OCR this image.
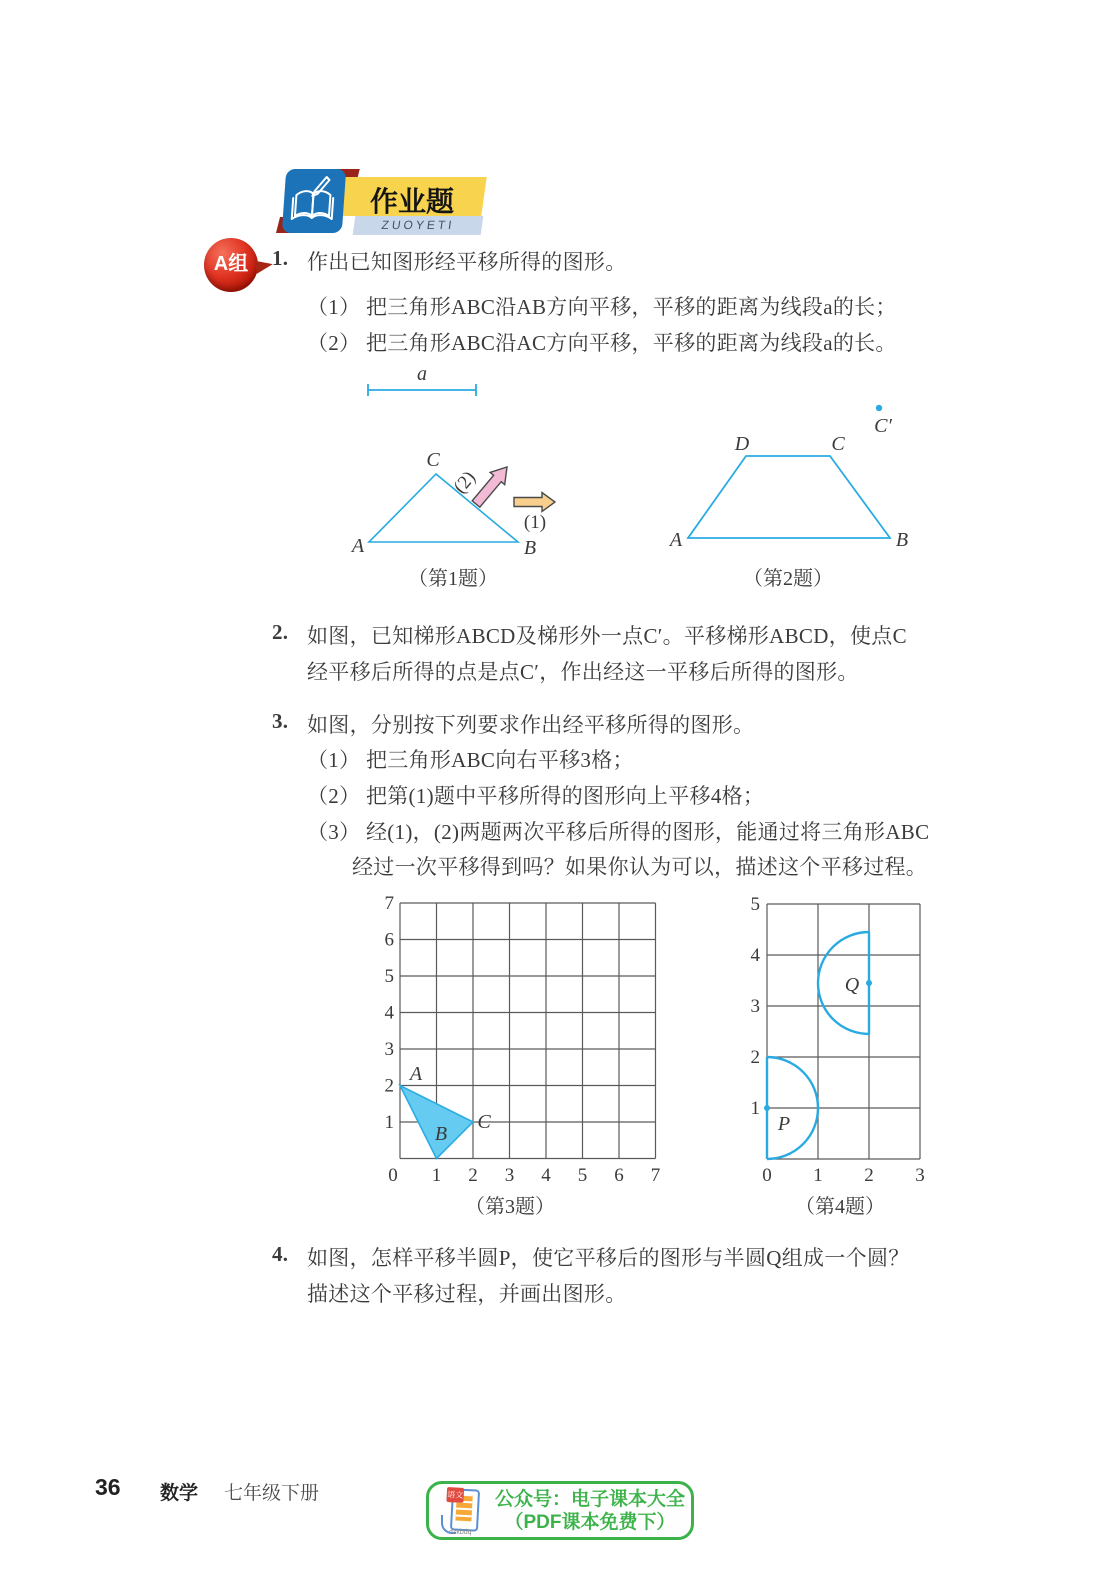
ZUOYETI
作业题
A组	1. 作出已知图形经平移所得的图形。
（1） 把三角形ABC沿AB方向平移，平移的距离为线段a的长；
（2） 把三角形ABC沿AC方向平移，平移的距离为线段a的长。
a
A	B
C
(2)
(1)
（第1题）
A	B
C
D
C′
（第2题）
2. 如图，已知梯形ABCD及梯形外一点C′。平移梯形ABCD，使点C
经平移后所得的点是点C′，作出经这一平移后所得的图形。
3. 如图，分别按下列要求作出经平移所得的图形。
（1） 把三角形ABC向右平移3格；
（2） 把第(1)题中平移所得的图形向上平移4格；
（3） 经(1)，(2)两题两次平移后所得的图形，能通过将三角形ABC
经过一次平移得到吗？如果你认为可以，描述这个平移过程。
A
B
C
7
6
5
4
3
2
1
0 1 2 3 4 5 6 7
（第3题）
P
Q
5
4
3
2
1
0 1 2 3
（第4题）
4. 如图，怎样平移半圆P，使它平移后的图形与半圆Q组成一个圆？
描述这个平移过程，并画出图形。
36 数学 七年级下册	语文
dzkbdq
公众号：电子课本大全
（PDF课本免费下）
